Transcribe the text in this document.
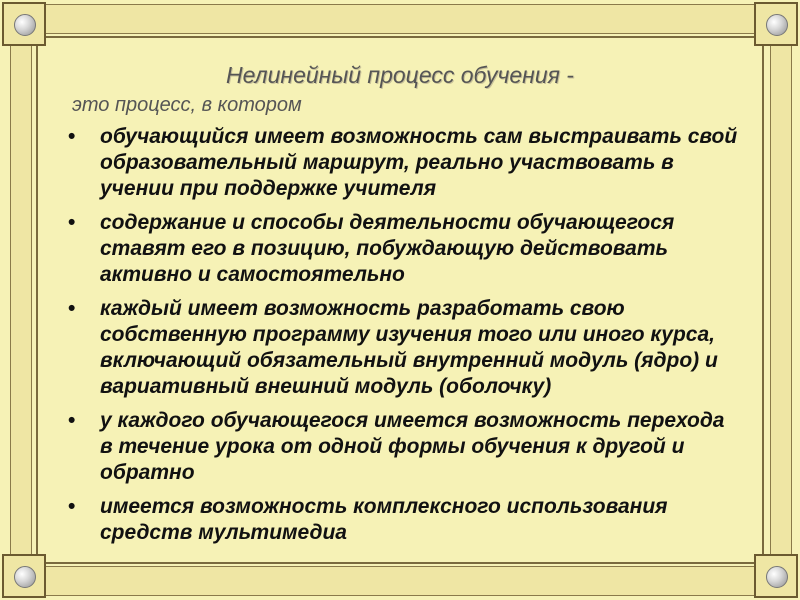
Нелинейный процесс обучения -
это процесс, в котором
• обучающийся имеет возможность сам выстраивать свой образовательный маршрут, реально участвовать в учении при поддержке учителя
• содержание и способы деятельности обучающегося ставят его в позицию, побуждающую действовать активно и самостоятельно
• каждый имеет возможность разработать свою собственную программу изучения того или иного курса, включающий обязательный внутренний модуль (ядро) и вариативный внешний модуль (оболочку)
• у каждого обучающегося имеется возможность перехода в течение урока от одной формы обучения к другой и обратно
• имеется возможность комплексного использования средств мультимедиа
